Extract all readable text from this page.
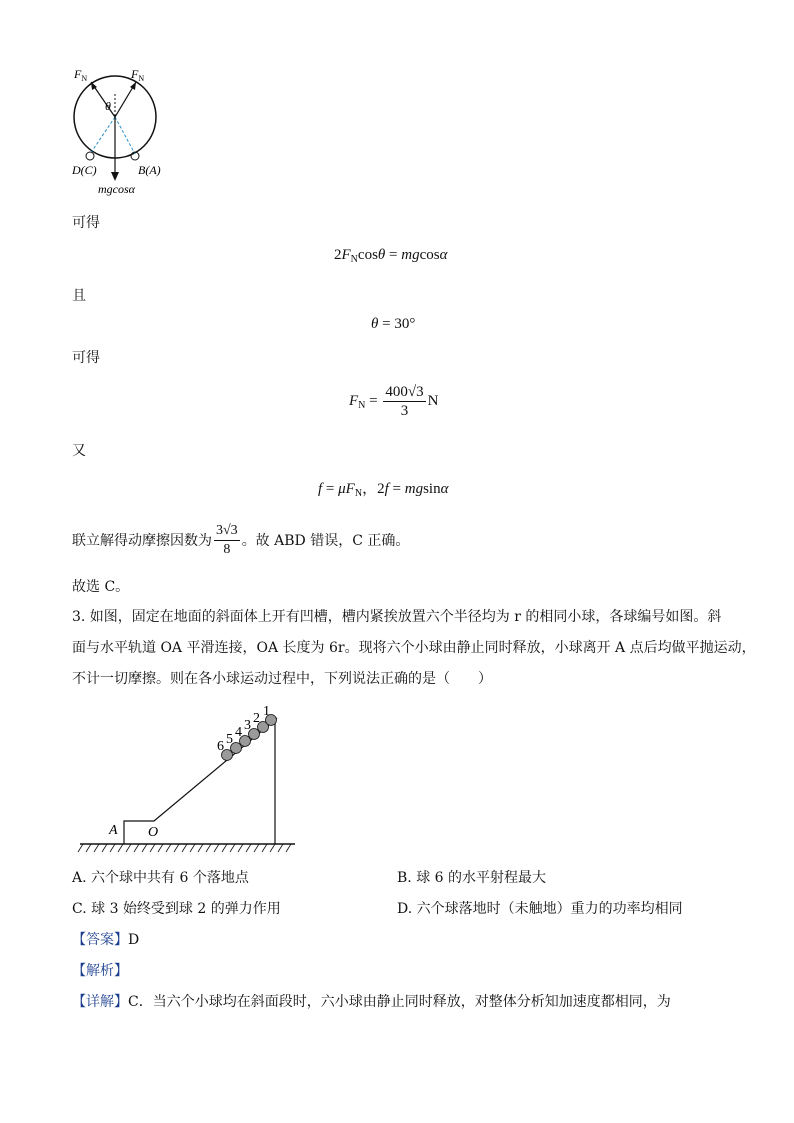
$F_N$	$F_N$
θ
D(C)	B(A)
mgcosα
可得
$2F_N\cos\theta = mgcos\alpha$
且
θ = 30°
可得
$F_N = \frac{400√3}{3}$ N
又
$f = \mu F_N$，2f = mgsinα
联立解得动摩擦因数为 $\frac{3√3}{8}$ 。故 ABD 错误，C 正确。
故选 C。
3. 如图，固定在地面的斜面体上开有凹槽，槽内紧挨放置六个半径均为 r 的相同小球，各球编号如图。斜
面与水平轨道 OA 平滑连接，OA 长度为 6r。现将六个小球由静止同时释放，小球离开 A 点后均做平抛运动，
不计一切摩擦。则在各小球运动过程中，下列说法正确的是（　　）
6 5 4 3 2 1
A O
A. 六个球中共有 6 个落地点	B. 球 6 的水平射程最大
C. 球 3 始终受到球 2 的弹力作用	D. 六个球落地时（未触地）重力的功率均相同
【答案】D
【解析】
【详解】C．当六个小球均在斜面段时，六小球由静止同时释放，对整体分析知加速度都相同，为
